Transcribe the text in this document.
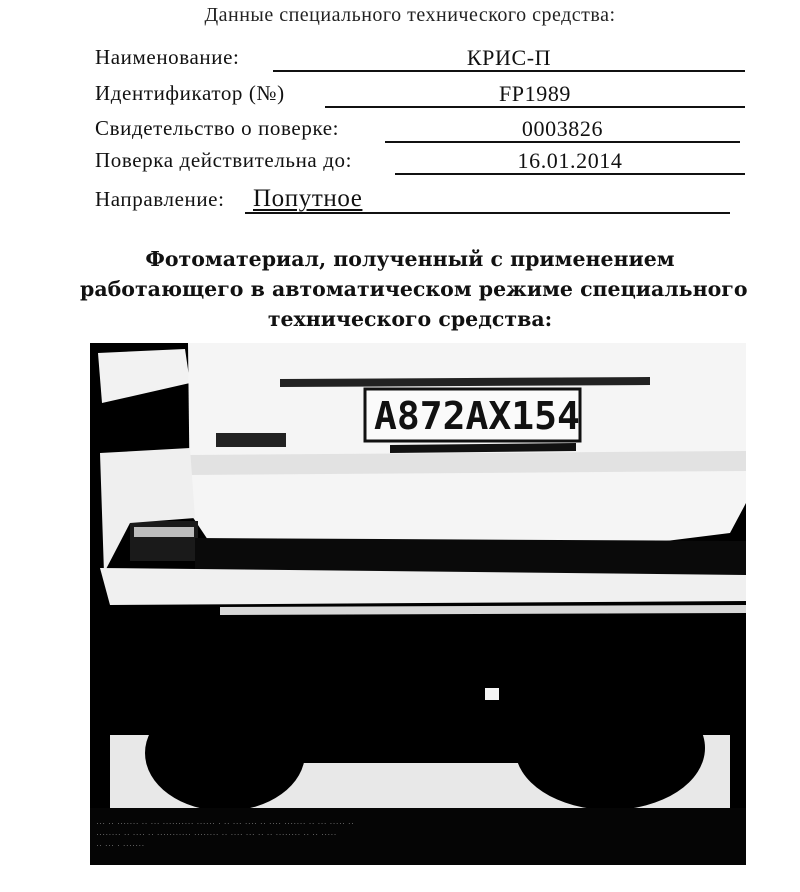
Данные специального технического средства:
Наименование:	КРИС-П
Идентификатор (№)	FP1989
Свидетельство о поверке:	0003826
Поверка действительна до:	16.01.2014
Направление: Попутное
Фотоматериал, полученный с применением
работающего в автоматическом режиме специального
технического средства:
А872АХ154
··· ·· ······· ·· ··· ·········· ······ · ·· ··· ···· ·· ···· ······· ·· ··· ····· ··
········ ·· ···· ·· ··········· ········ ·· ···· ··· ·· ·· ········ ·· ·· ·····
·· ··· · ·······
